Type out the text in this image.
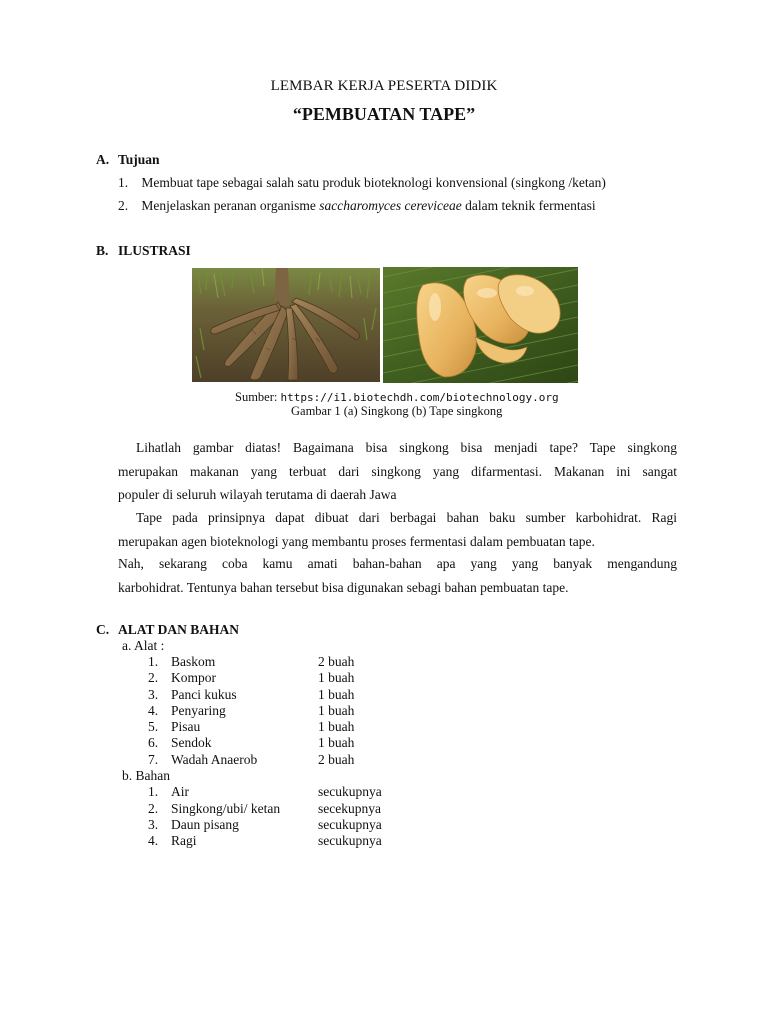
LEMBAR KERJA PESERTA DIDIK
“PEMBUATAN TAPE”
A. Tujuan
1. Membuat tape sebagai salah satu produk bioteknologi konvensional (singkong /ketan)
2. Menjelaskan peranan organisme saccharomyces cereviceae dalam teknik fermentasi
B. ILUSTRASI
Sumber: https://i1.biotechdh.com/biotechnology.org
Gambar 1 (a) Singkong (b) Tape singkong

Lihatlah gambar diatas! Bagaimana bisa singkong bisa menjadi tape? Tape singkong

merupakan makanan yang terbuat dari singkong yang difarmentasi. Makanan ini sangat

populer di seluruh wilayah terutama di daerah Jawa

Tape pada prinsipnya dapat dibuat dari berbagai bahan baku sumber karbohidrat. Ragi

merupakan agen bioteknologi yang membantu proses fermentasi dalam pembuatan tape.

Nah, sekarang coba kamu amati bahan-bahan apa yang yang banyak mengandung

karbohidrat. Tentunya bahan tersebut bisa digunakan sebagi bahan pembuatan tape.

C. ALAT DAN BAHAN
a. Alat :
1. Baskom	2 buah
2. Kompor	1 buah
3. Panci kukus	1 buah
4. Penyaring	1 buah
5. Pisau	1 buah
6. Sendok	1 buah
7. Wadah Anaerob	2 buah
b. Bahan
1. Air	secukupnya
2. Singkong/ubi/ ketan	secekupnya
3. Daun pisang	secukupnya
4. Ragi	secukupnya
